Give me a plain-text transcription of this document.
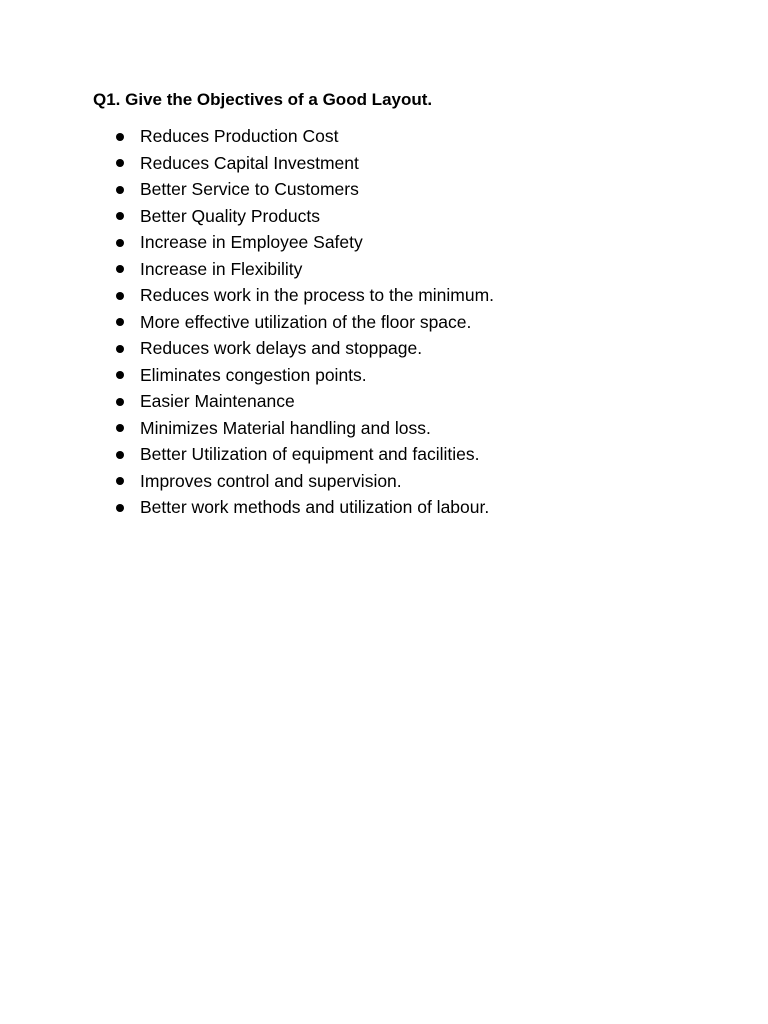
Q1. Give the Objectives of a Good Layout.
Reduces Production Cost
Reduces Capital Investment
Better Service to Customers
Better Quality Products
Increase in Employee Safety
Increase in Flexibility
Reduces work in the process to the minimum.
More effective utilization of the floor space.
Reduces work delays and stoppage.
Eliminates congestion points.
Easier Maintenance
Minimizes Material handling and loss.
Better Utilization of equipment and facilities.
Improves control and supervision.
Better work methods and utilization of labour.
